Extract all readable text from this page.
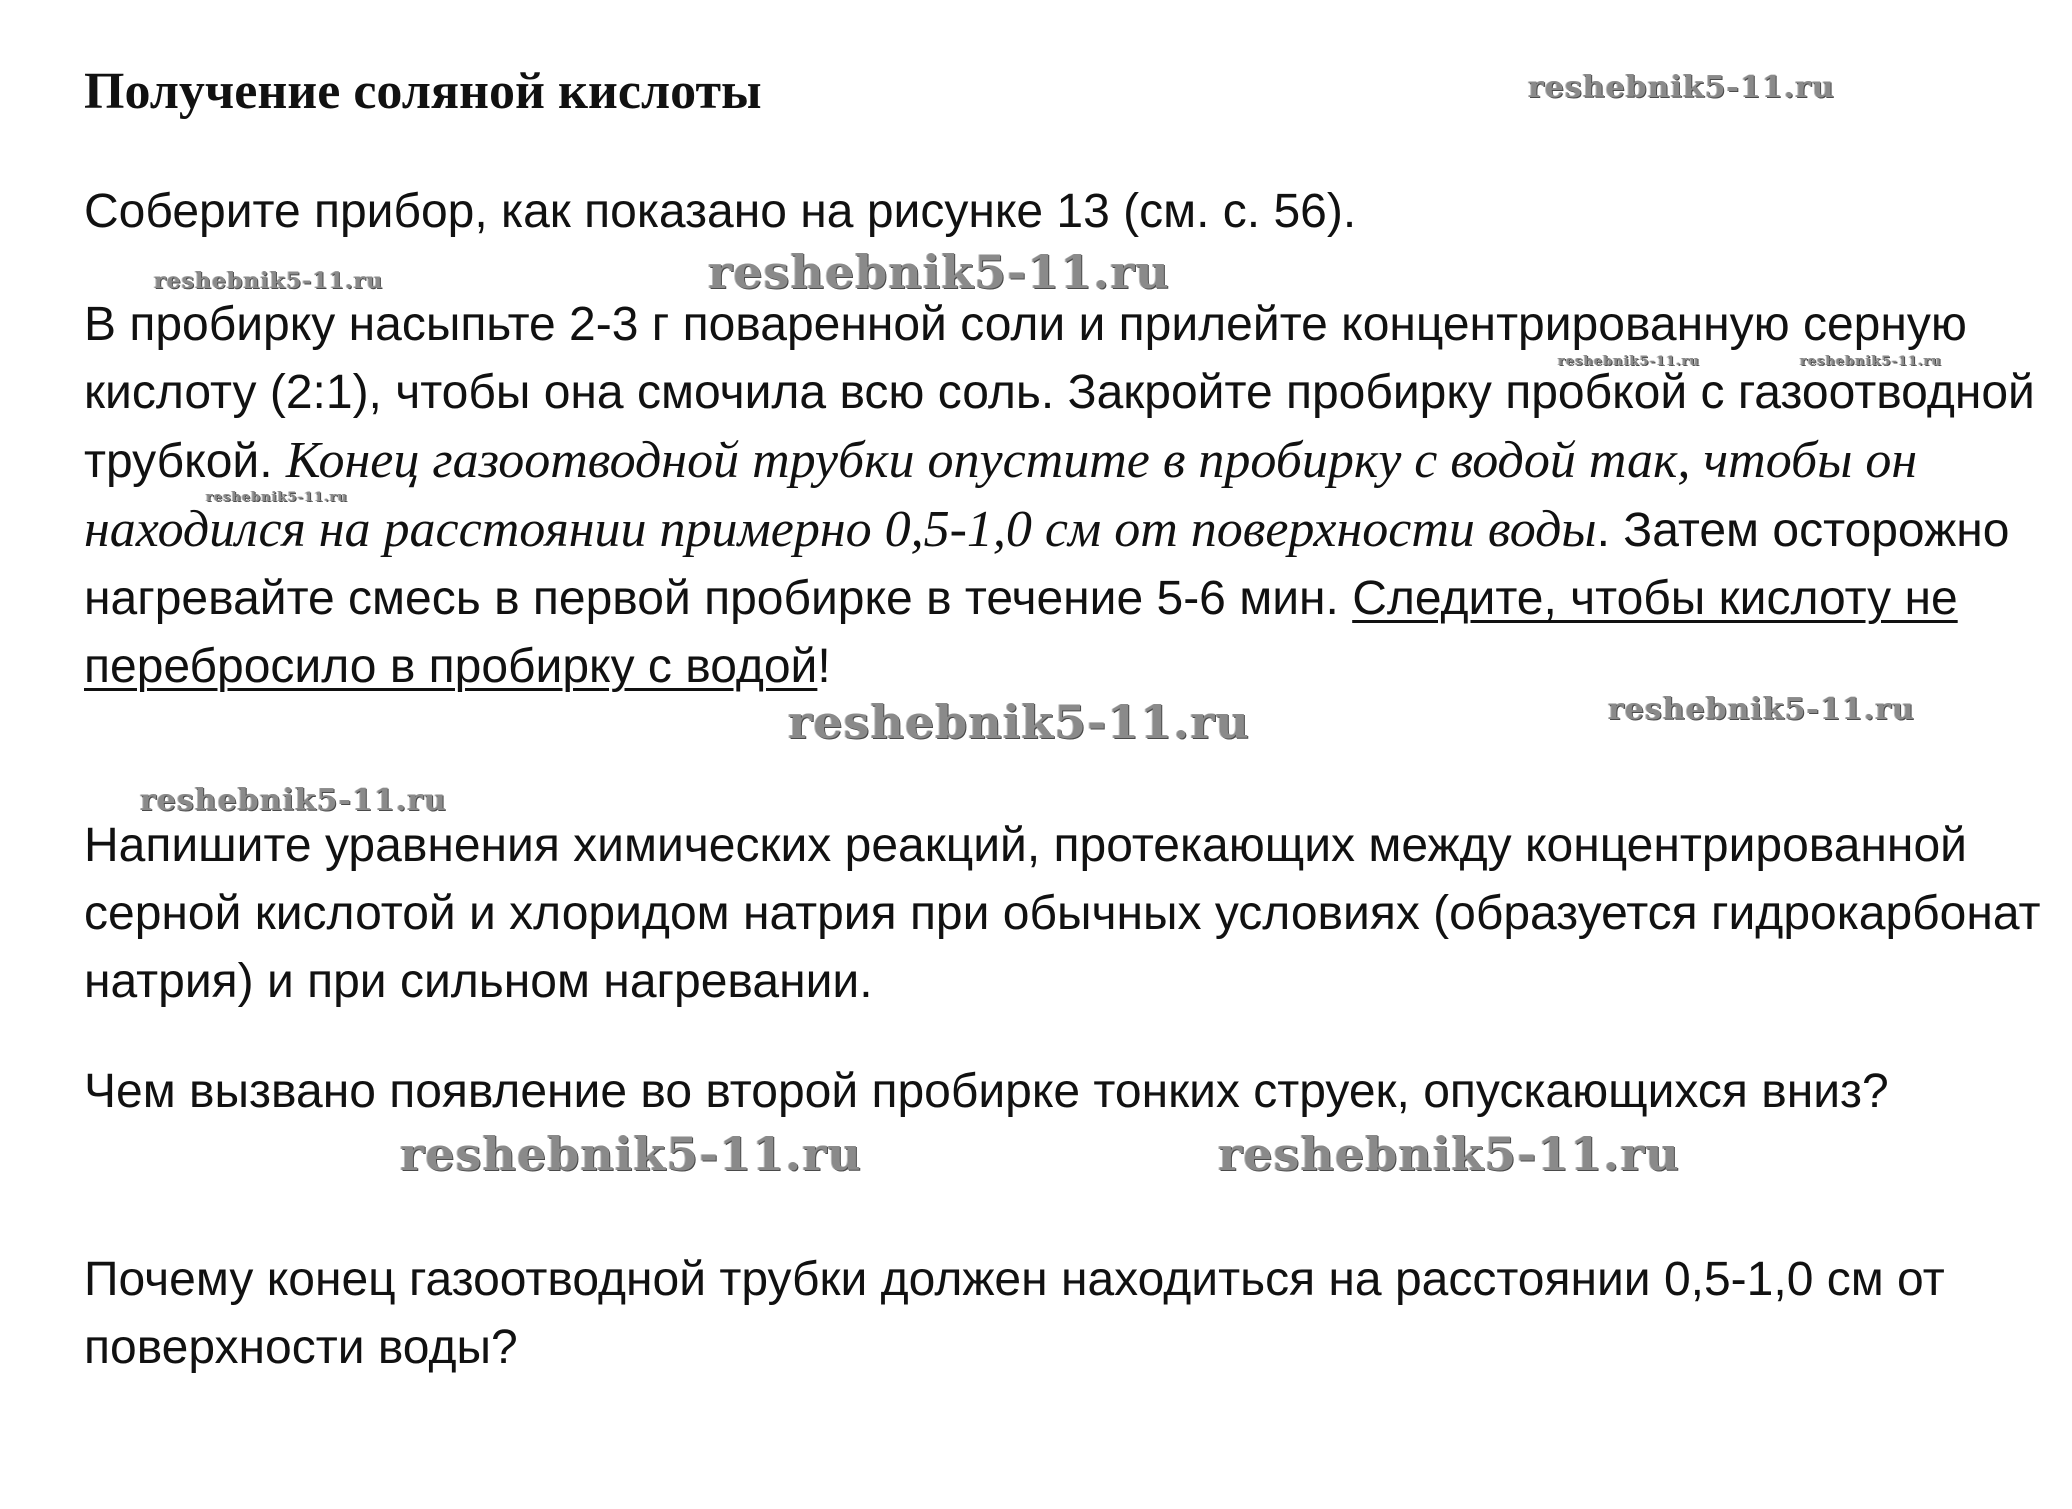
Получение соляной кислоты

Соберите прибор, как показано на рисунке 13 (см. с. 56).

В пробирку насыпьте 2-3 г поваренной соли и прилейте концентрированную серную кислоту (2:1), чтобы она смочила всю соль. Закройте пробирку пробкой с газоотводной трубкой. Конец газоотводной трубки опустите в пробирку с водой так, чтобы он находился на расстоянии примерно 0,5-1,0 см от поверхности воды. Затем осторожно нагревайте смесь в первой пробирке в течение 5-6 мин. Следите, чтобы кислоту не перебросило в пробирку с водой!

Напишите уравнения химических реакций, протекающих между концентрированной серной кислотой и хлоридом натрия при обычных условиях (образуется гидрокарбонат натрия) и при сильном нагревании.

Чем вызвано появление во второй пробирке тонких струек, опускающихся вниз?

Почему конец газоотводной трубки должен находиться на расстоянии 0,5-1,0 см от поверхности воды?

reshebnik5-11.ru
reshebnik5-11.ru
reshebnik5-11.ru
reshebnik5-11.ru	reshebnik5-11.ru
reshebnik5-11.ru
reshebnik5-11.ru
reshebnik5-11.ru
reshebnik5-11.ru
reshebnik5-11.ru	reshebnik5-11.ru
